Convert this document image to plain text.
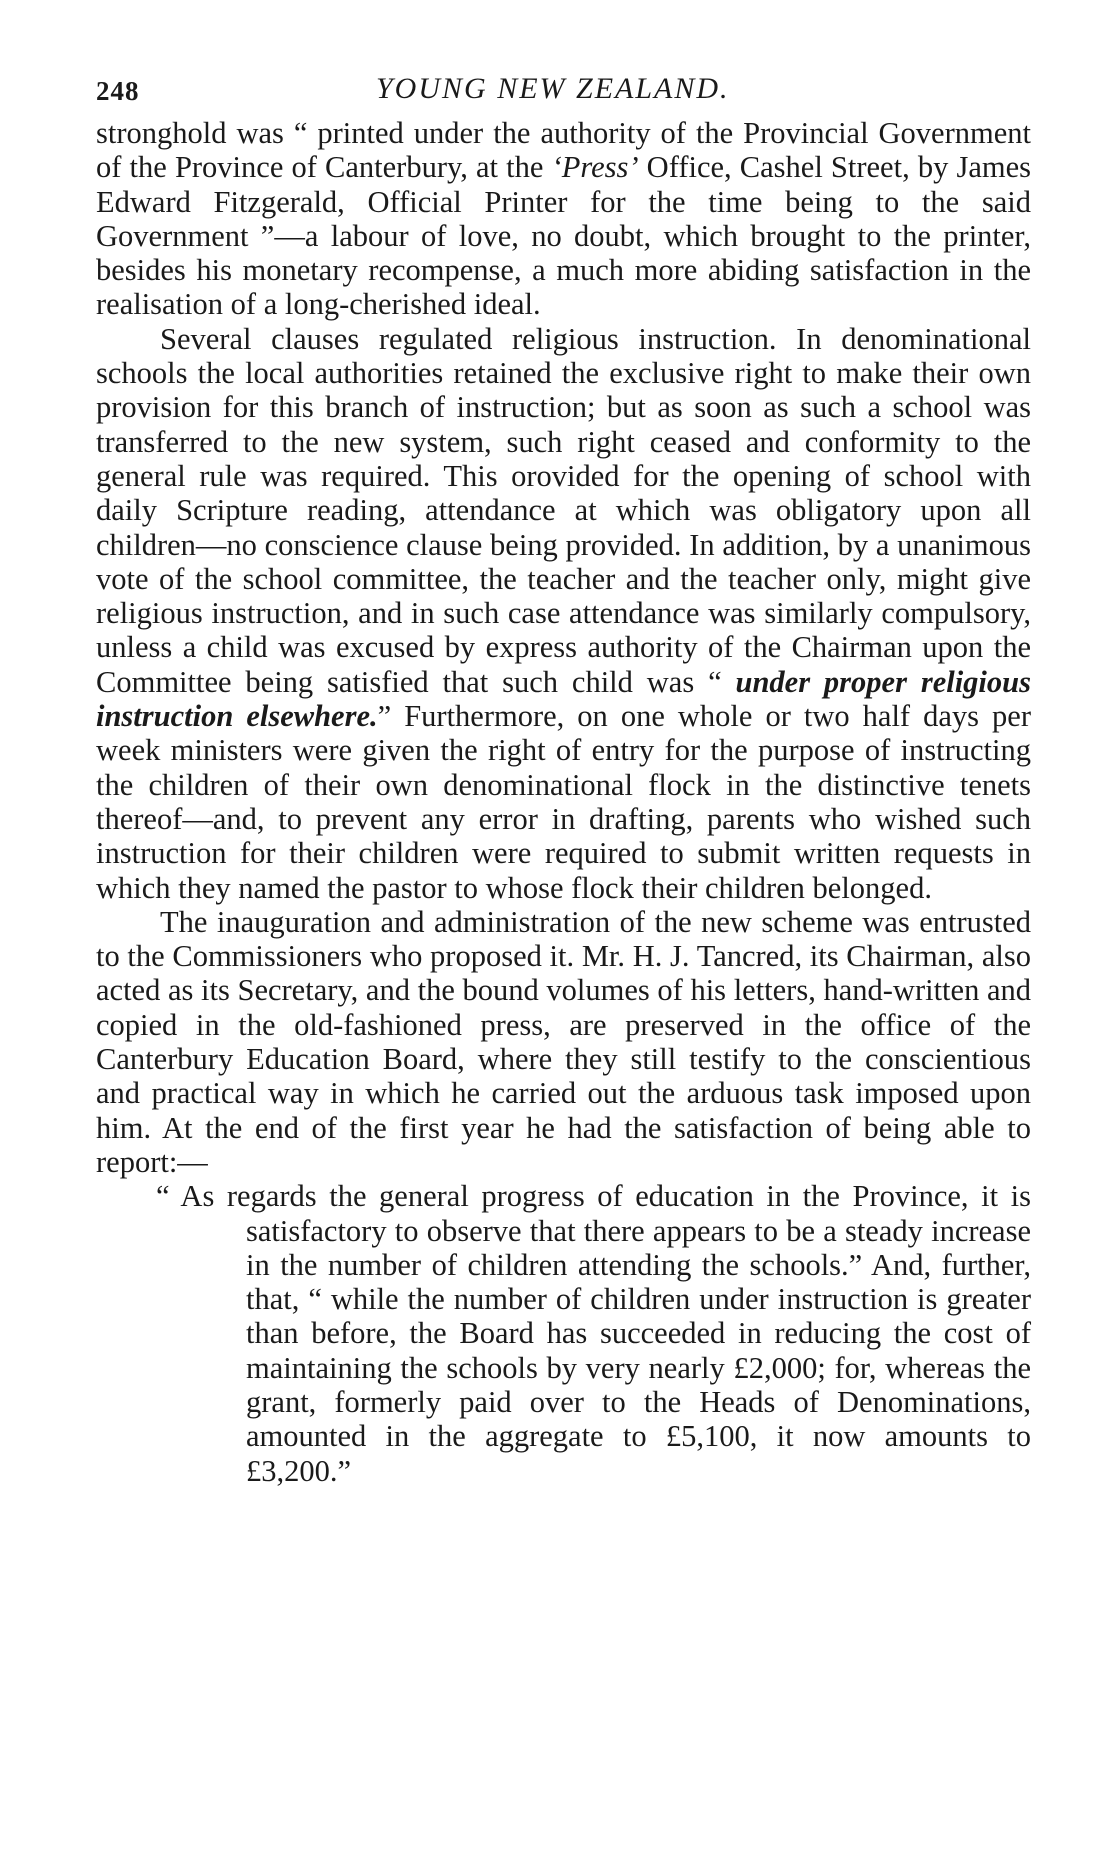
248	YOUNG NEW ZEALAND.

stronghold was “ printed under the authority of the Provincial Government of the Province of Canterbury, at the ‘Press’ Office, Cashel Street, by James Edward Fitzgerald, Official Printer for the time being to the said Government ”—a labour of love, no doubt, which brought to the printer, besides his monetary recompense, a much more abiding satisfaction in the realisation of a long-cherished ideal.

Several clauses regulated religious instruction. In denominational schools the local authorities retained the exclusive right to make their own provision for this branch of instruction; but as soon as such a school was transferred to the new system, such right ceased and conformity to the general rule was required. This orovided for the opening of school with daily Scripture reading, attendance at which was obligatory upon all children—no conscience clause being provided. In addition, by a unanimous vote of the school committee, the teacher and the teacher only, might give religious instruction, and in such case attendance was similarly compulsory, unless a child was excused by express authority of the Chairman upon the Committee being satisfied that such child was “ under proper religious instruction elsewhere.” Furthermore, on one whole or two half days per week ministers were given the right of entry for the purpose of instructing the children of their own denominational flock in the distinctive tenets thereof—and, to prevent any error in drafting, parents who wished such instruction for their children were required to submit written requests in which they named the pastor to whose flock their children belonged.

The inauguration and administration of the new scheme was entrusted to the Commissioners who proposed it. Mr. H. J. Tancred, its Chairman, also acted as its Secretary, and the bound volumes of his letters, hand-written and copied in the old-fashioned press, are preserved in the office of the Canterbury Education Board, where they still testify to the conscientious and practical way in which he carried out the arduous task imposed upon him. At the end of the first year he had the satisfaction of being able to report:—

“ As regards the general progress of education in the Province, it is satisfactory to observe that there appears to be a steady increase in the number of children attending the schools.” And, further, that, “ while the number of children under instruction is greater than before, the Board has succeeded in reducing the cost of maintaining the schools by very nearly £2,000; for, whereas the grant, formerly paid over to the Heads of Denominations, amounted in the aggregate to £5,100, it now amounts to £3,200.”
